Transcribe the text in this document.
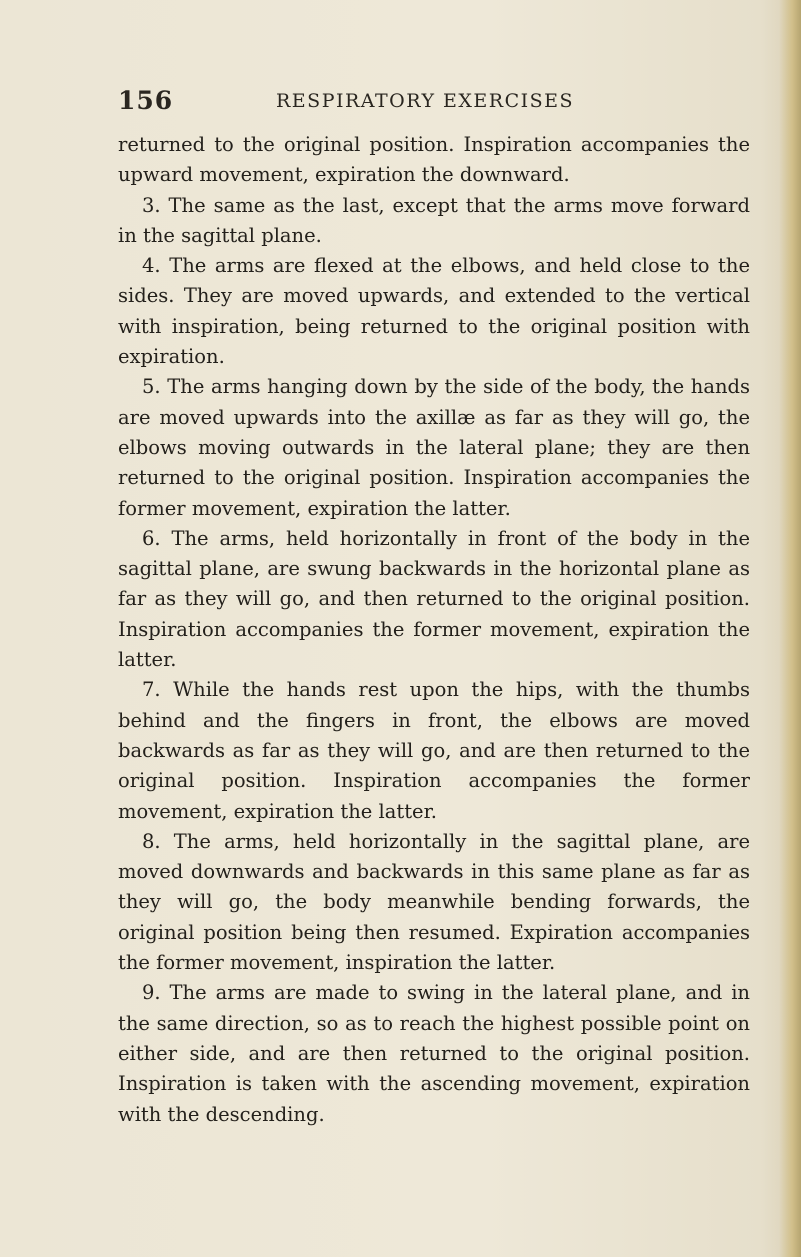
156	RESPIRATORY EXERCISES

returned to the original position. Inspiration accompanies the upward movement, expiration the downward.

3. The same as the last, except that the arms move forward in the sagittal plane.

4. The arms are flexed at the elbows, and held close to the sides. They are moved upwards, and extended to the vertical with inspiration, being returned to the original position with expiration.

5. The arms hanging down by the side of the body, the hands are moved upwards into the axillæ as far as they will go, the elbows moving outwards in the lateral plane; they are then returned to the original position. Inspiration accompanies the former movement, expiration the latter.

6. The arms, held horizontally in front of the body in the sagittal plane, are swung backwards in the horizontal plane as far as they will go, and then returned to the original position. Inspiration accompanies the former movement, expiration the latter.

7. While the hands rest upon the hips, with the thumbs behind and the fingers in front, the elbows are moved backwards as far as they will go, and are then returned to the original position. Inspiration accompanies the former movement, expiration the latter.

8. The arms, held horizontally in the sagittal plane, are moved downwards and backwards in this same plane as far as they will go, the body meanwhile bending forwards, the original position being then resumed. Expiration accompanies the former movement, inspiration the latter.

9. The arms are made to swing in the lateral plane, and in the same direction, so as to reach the highest possible point on either side, and are then returned to the original position. Inspiration is taken with the ascending movement, expiration with the descending.
